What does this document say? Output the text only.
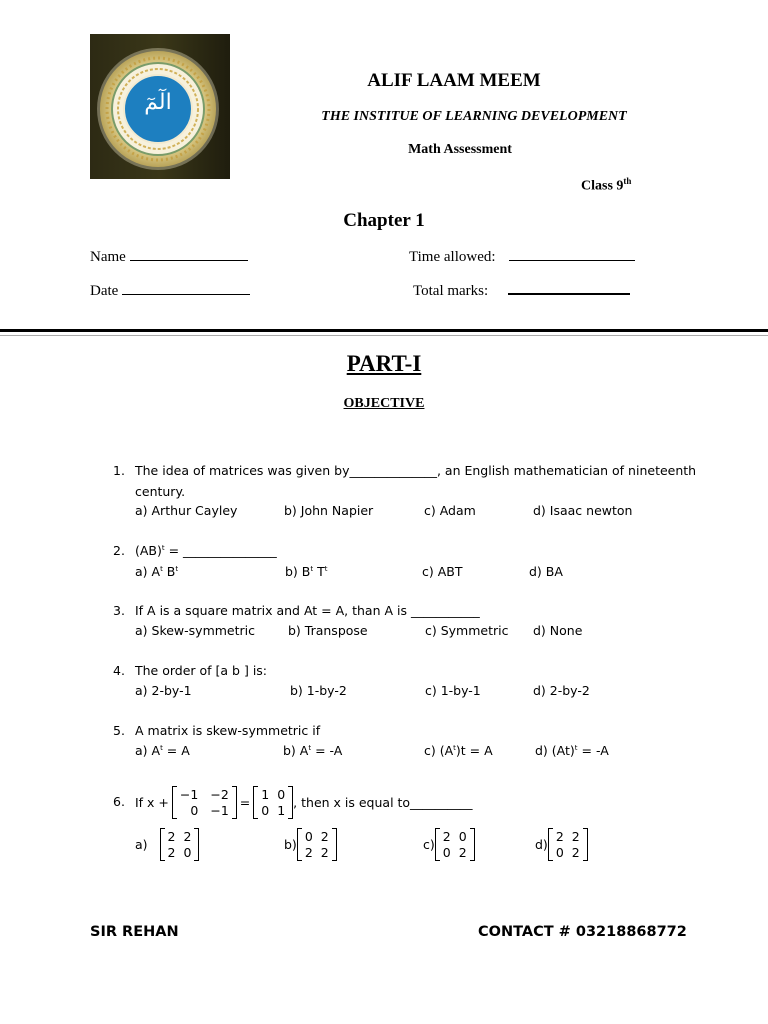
الٓمٓ
ALIF LAAM MEEM
THE INSTITUE OF LEARNING DEVELOPMENT
Math Assessment
Class 9th
Chapter 1
Name
Date
Time allowed:
Total marks:
PART-I
OBJECTIVE
1. The idea of matrices was given by______________, an English mathematician of nineteenth
century.
a) Arthur Cayley	b) John Napier	c) Adam	d) Isaac newton
2. (AB)$^t$ = _______________
a) $A^t$ $B^t$	b) $B^t$ $T^t$	c) ABT	d) BA
3. If A is a square matrix and At = A, than A is ___________
a) Skew-symmetric	b) Transpose	c) Symmetric d) None
4. The order of [a b ] is:
a) 2-by-1	b) 1-by-2	c) 1-by-1	d) 2-by-2
5. A matrix is skew-symmetric if
a) $A^t = A$	b) $A^t = -A$	c) $(A^t)t = A$	d) $(At)^t = -A$
6. If x +
−1 −2
0 −1
=
1 0
0 1
, then x is equal to__________
a)
2 2
2 0
b)
0 2
2 2
c)
2 0
0 2
d)
2 2
0 2
SIR REHAN	CONTACT # 03218868772
